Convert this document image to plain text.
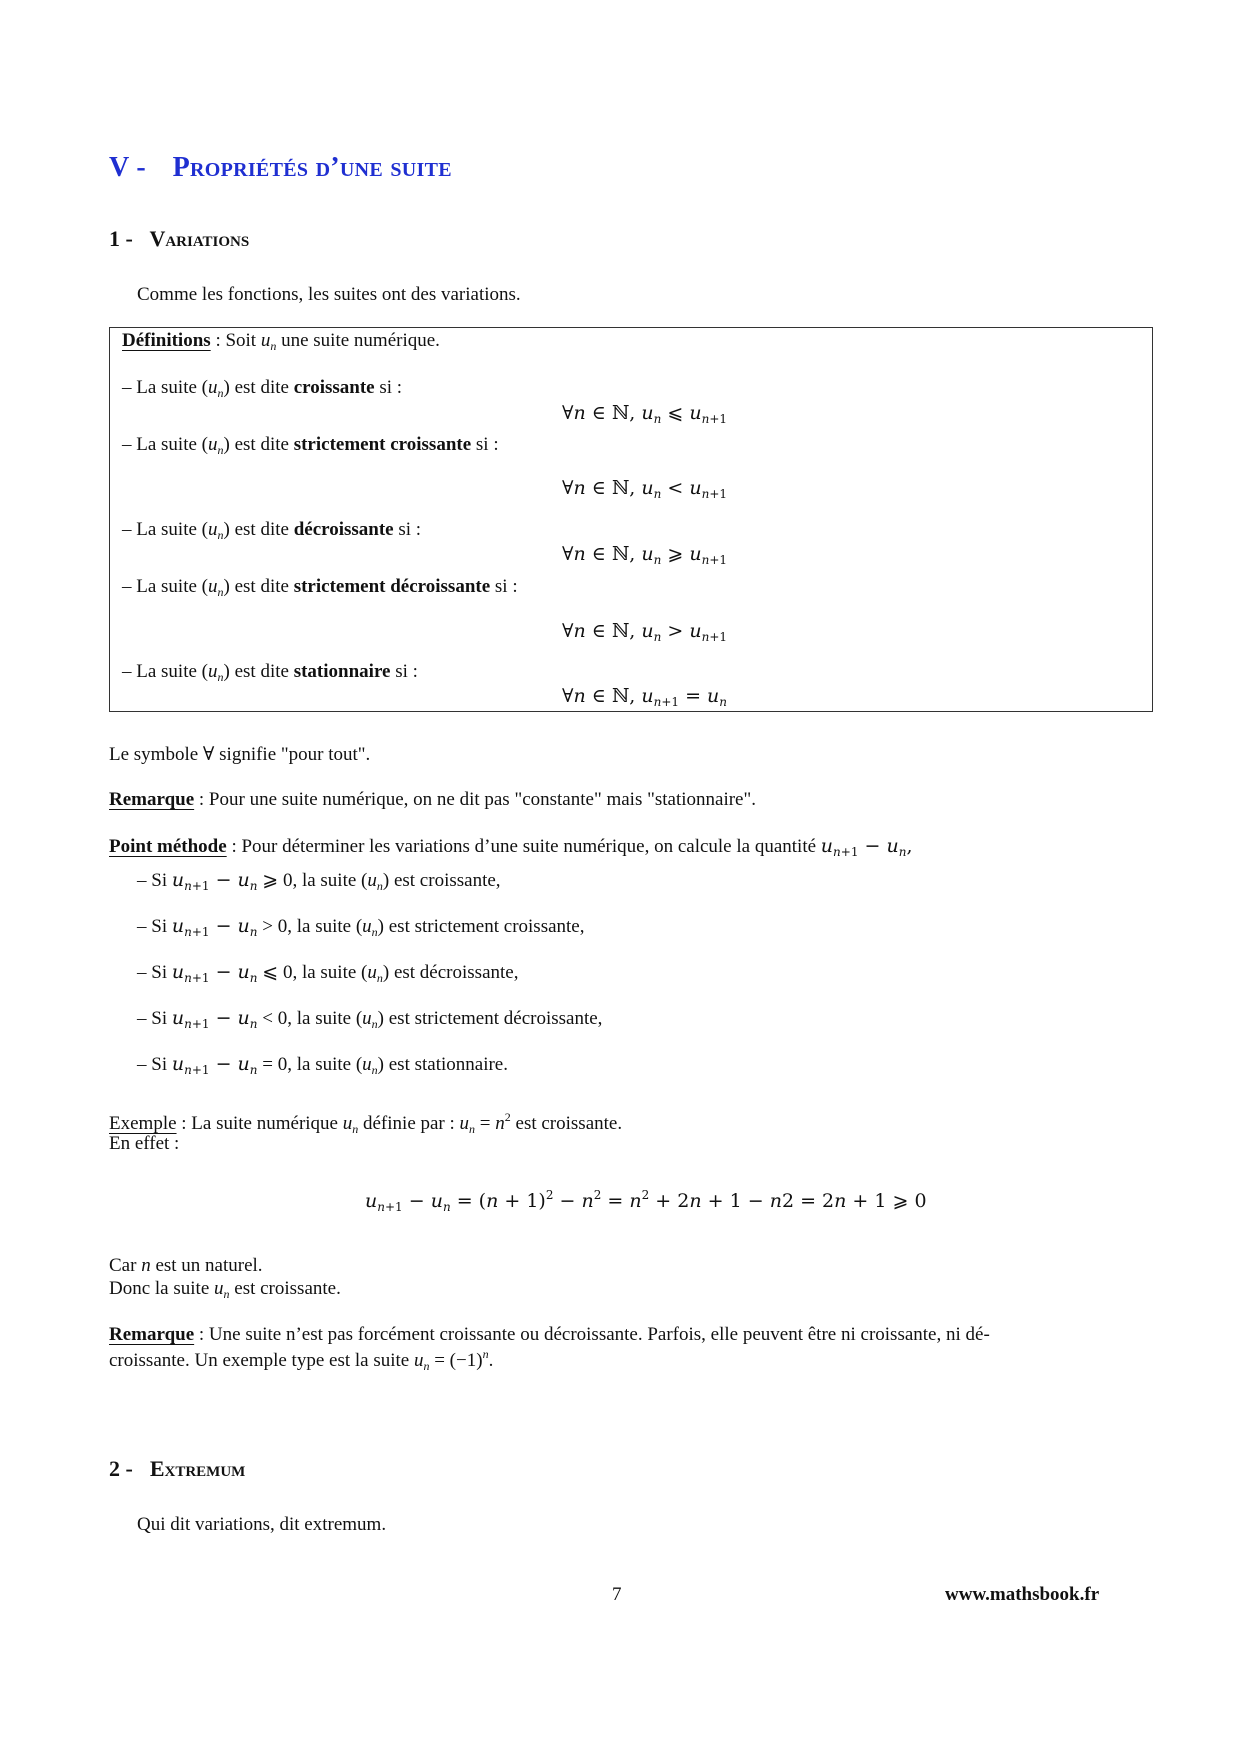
V - Propriétés d’une suite
1 - Variations
Comme les fonctions, les suites ont des variations.
Définitions : Soit $u_n$ une suite numérique.
– La suite $(u_n)$ est dite croissante si :
∀n ∈ ℕ, $u_n$ ⩽ $u_{n+1}$
– La suite $(u_n)$ est dite strictement croissante si :
∀n ∈ ℕ, $u_n < u_{n+1}$
– La suite $(u_n)$ est dite décroissante si :
∀n ∈ ℕ, $u_n$ ⩾ $u_{n+1}$
– La suite $(u_n)$ est dite strictement décroissante si :
∀n ∈ ℕ, $u_n > u_{n+1}$
– La suite $(u_n)$ est dite stationnaire si :
∀n ∈ ℕ, $u_{n+1} = u_n$
Le symbole ∀ signifie "pour tout".
Remarque : Pour une suite numérique, on ne dit pas "constante" mais "stationnaire".
Point méthode : Pour déterminer les variations d’une suite numérique, on calcule la quantité $u_{n+1} - u_n$,
– Si $u_{n+1} - u_n$ ⩾ 0, la suite $(u_n)$ est croissante,
– Si $u_{n+1} - u_n > 0$, la suite $(u_n)$ est strictement croissante,
– Si $u_{n+1} - u_n$ ⩽ 0, la suite $(u_n)$ est décroissante,
– Si $u_{n+1} - u_n < 0$, la suite $(u_n)$ est strictement décroissante,
– Si $u_{n+1} - u_n = 0$, la suite $(u_n)$ est stationnaire.
Exemple : La suite numérique $u_n$ définie par : $u_n = n^2$ est croissante.
En effet :
$u_{n+1} - u_n = (n + 1)^2 - n^2 = n^2 + 2n + 1 - n2 = 2n + 1$ ⩾ 0
Car n est un naturel.
Donc la suite $u_n$ est croissante.
Remarque : Une suite n’est pas forcément croissante ou décroissante. Parfois, elle peuvent être ni croissante, ni dé-
croissante. Un exemple type est la suite $u_n = (-1)^n$.
2 - Extremum
Qui dit variations, dit extremum.
7	www.mathsbook.fr
